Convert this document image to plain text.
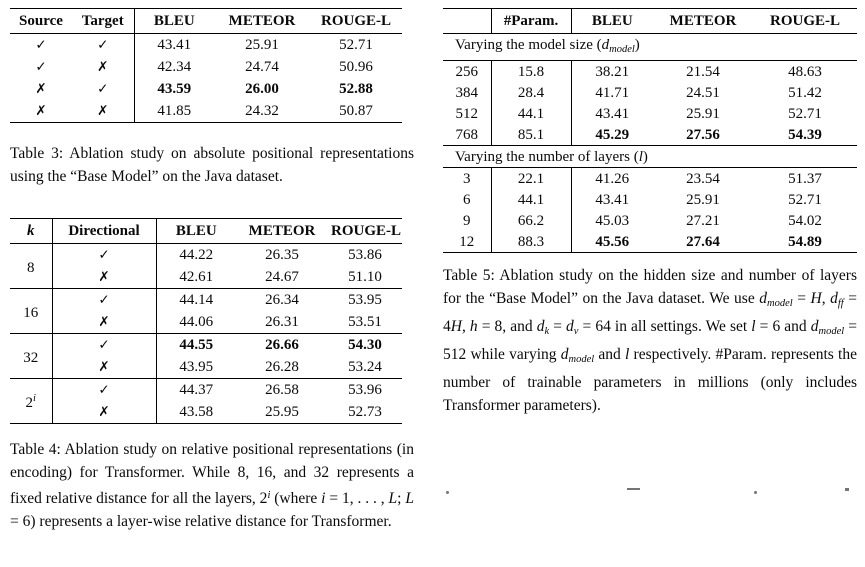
Source	Target	BLEU	METEOR	ROUGE-L
✓	✓	43.41	25.91	52.71
✓	✗	42.34	24.74	50.96
✗	✓	43.59	26.00	52.88
✗	✗	41.85	24.32	50.87
Table 3: Ablation study on absolute positional representations using the “Base Model” on the Java dataset.
k	Directional	BLEU	METEOR	ROUGE-L
8	✓	44.22	26.35	53.86
	✗	42.61	24.67	51.10
16	✓	44.14	26.34	53.95
	✗	44.06	26.31	53.51
32	✓	44.55	26.66	54.30
	✗	43.95	26.28	53.24
2$^i$	✓	44.37	26.58	53.96
	✗	43.58	25.95	52.73
Table 4: Ablation study on relative positional representations (in encoding) for Transformer. While 8, 16, and 32 represents a fixed relative distance for all the layers, 2$^i$ (where i = 1, . . . , L; L = 6) represents a layer-wise relative distance for Transformer.
	#Param.	BLEU	METEOR	ROUGE-L
Varying the model size $(d_{model})$				
256	15.8	38.21	21.54	48.63
384	28.4	41.71	24.51	51.42
512	44.1	43.41	25.91	52.71
768	85.1	45.29	27.56	54.39
Varying the number of layers (l)				
3	22.1	41.26	23.54	51.37
6	44.1	43.41	25.91	52.71
9	66.2	45.03	27.21	54.02
12	88.3	45.56	27.64	54.89
Table 5: Ablation study on the hidden size and number of layers for the “Base Model” on the Java dataset. We use dmodel = H, dff = 4H, h = 8, and dk = dv = 64 in all settings. We set l = 6 and dmodel = 512 while varying dmodel and l respectively. #Param. represents the number of trainable parameters in millions (only includes Transformer parameters).
